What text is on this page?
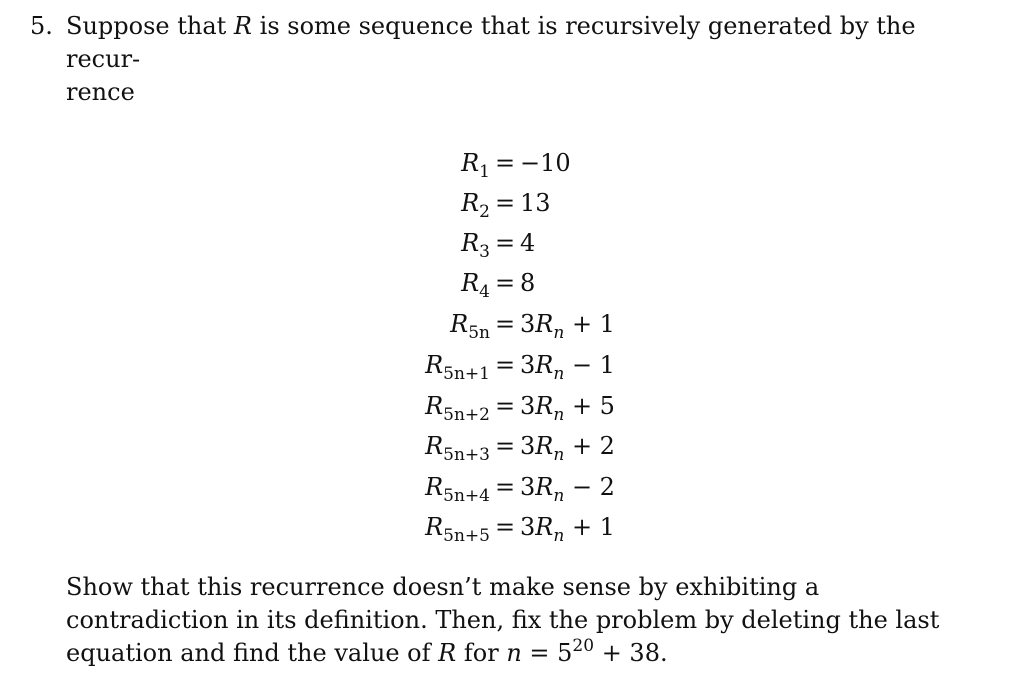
5. Suppose that R is some sequence that is recursively generated by the recur-
rence
$R_1 = -10$
$R_2 = 13$
$R_3 = 4$
$R_4 = 8$
$R_{5n} = 3R_n + 1$
$R_{5n+1} = 3R_n - 1$
$R_{5n+2} = 3R_n + 5$
$R_{5n+3} = 3R_n + 2$
$R_{5n+4} = 3R_n - 2$
$R_{5n+5} = 3R_n + 1$
Show that this recurrence doesn’t make sense by exhibiting a contradiction in its definition. Then, fix the problem by deleting the last equation and find the value of R for $n = 5^{20} + 38$.
